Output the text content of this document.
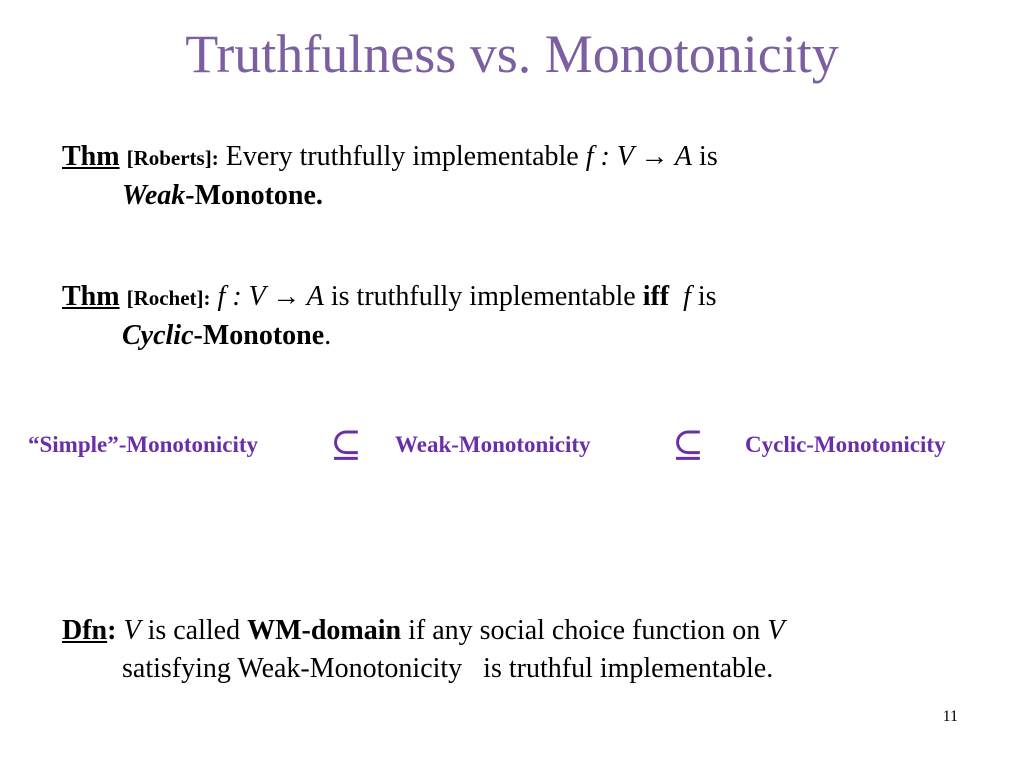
Truthfulness vs. Monotonicity
Thm [Roberts]: Every truthfully implementable f : V → A is
Weak-Monotone.
Thm [Rochet]: f : V → A is truthfully implementable iff f is
Cyclic-Monotone.
“Simple”-Monotonicity ⊆ Weak-Monotonicity ⊆ Cyclic-Monotonicity
Dfn: V is called WM-domain if any social choice function on V
satisfying Weak-Monotonicity   is truthful implementable.
11
